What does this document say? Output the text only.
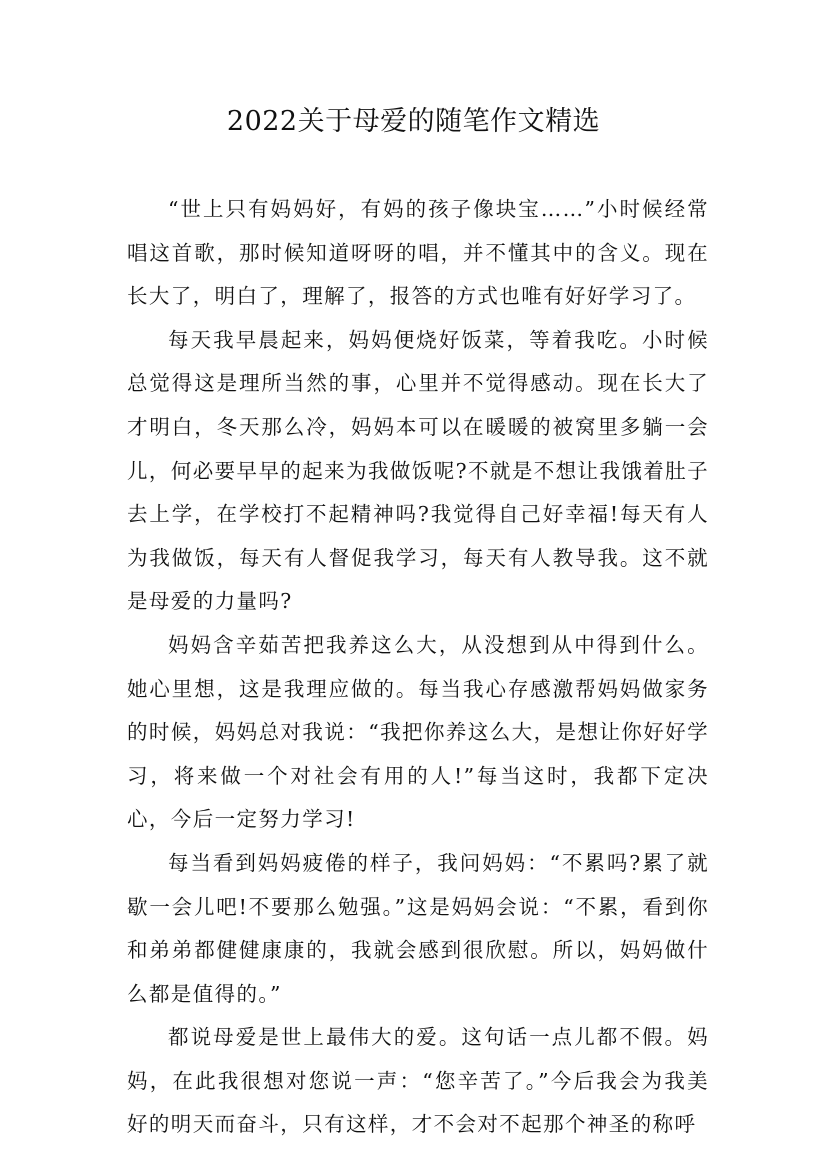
2022关于母爱的随笔作文精选

“世上只有妈妈好，有妈的孩子像块宝……”小时候经常唱这首歌，那时候知道呀呀的唱，并不懂其中的含义。现在长大了，明白了，理解了，报答的方式也唯有好好学习了。

每天我早晨起来，妈妈便烧好饭菜，等着我吃。小时候总觉得这是理所当然的事，心里并不觉得感动。现在长大了才明白，冬天那么冷，妈妈本可以在暖暖的被窝里多躺一会儿，何必要早早的起来为我做饭呢?不就是不想让我饿着肚子去上学，在学校打不起精神吗?我觉得自己好幸福!每天有人为我做饭，每天有人督促我学习，每天有人教导我。这不就是母爱的力量吗?

妈妈含辛茹苦把我养这么大，从没想到从中得到什么。她心里想，这是我理应做的。每当我心存感激帮妈妈做家务的时候，妈妈总对我说：“我把你养这么大，是想让你好好学习，将来做一个对社会有用的人!”每当这时，我都下定决心，今后一定努力学习!

每当看到妈妈疲倦的样子，我问妈妈：“不累吗?累了就歇一会儿吧!不要那么勉强。”这是妈妈会说：“不累，看到你和弟弟都健健康康的，我就会感到很欣慰。所以，妈妈做什么都是值得的。”

都说母爱是世上最伟大的爱。这句话一点儿都不假。妈妈，在此我很想对您说一声：“您辛苦了。”今后我会为我美好的明天而奋斗，只有这样，才不会对不起那个神圣的称呼
